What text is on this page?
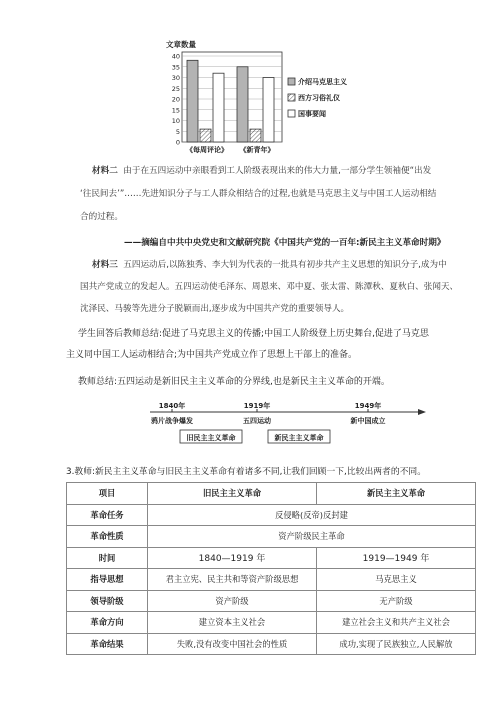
文章数量
0
5
10
15
20
25
30
35
40
《每周评论》 《新青年》
介绍马克思主义
西方习俗礼仪
国事要闻
材料二 由于在五四运动中亲眼看到工人阶级表现出来的伟大力量,一部分学生领袖便“出发
‘往民间去’”……先进知识分子与工人群众相结合的过程,也就是马克思主义与中国工人运动相结
合的过程。
——摘编自中共中央党史和文献研究院《中国共产党的一百年:新民主主义革命时期》
材料三 五四运动后,以陈独秀、李大钊为代表的一批具有初步共产主义思想的知识分子,成为中
国共产党成立的发起人。五四运动使毛泽东、周恩来、邓中夏、张太雷、陈潭秋、夏秋白、张闻天、
沈泽民、马骏等先进分子脱颖而出,逐步成为中国共产党的重要领导人。
学生回答后教师总结:促进了马克思主义的传播;中国工人阶级登上历史舞台,促进了马克思
主义同中国工人运动相结合;为中国共产党成立作了思想上干部上的准备。
教师总结:五四运动是新旧民主主义革命的分界线,也是新民主主义革命的开端。
1840年	1919年	1949年
鸦片战争爆发	五四运动	新中国成立
旧民主主义革命	新民主主义革命
3.教师:新民主主义革命与旧民主主义革命有着诸多不同,让我们回顾一下,比较出两者的不同。
项目	旧民主主义革命	新民主主义革命
革命任务	反侵略(反帝)反封建	
革命性质	资产阶级民主革命	
时间	1840—1919 年	1919—1949 年
指导思想	君主立宪、民主共和等资产阶级思想	马克思主义
领导阶级	资产阶级	无产阶级
革命方向	建立资本主义社会	建立社会主义和共产主义社会
革命结果	失败,没有改变中国社会的性质	成功,实现了民族独立,人民解放
